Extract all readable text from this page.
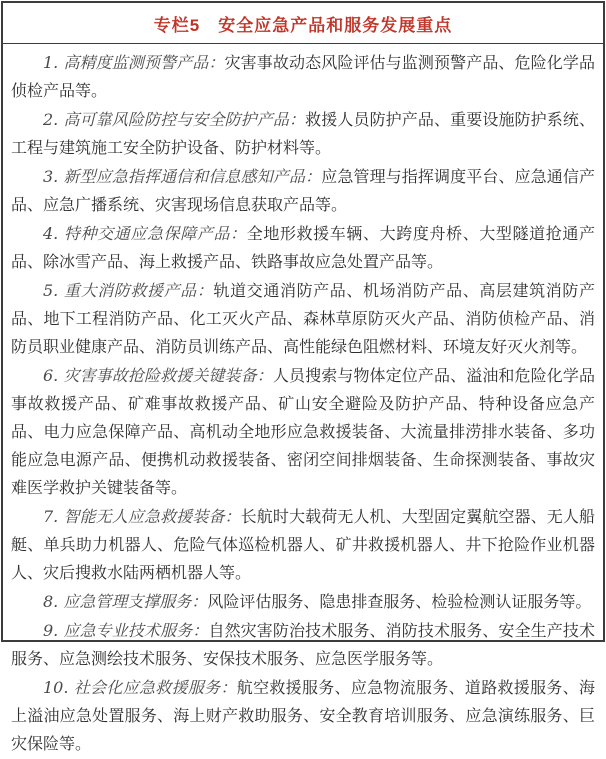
专栏5　安全应急产品和服务发展重点

1. 高精度监测预警产品：灾害事故动态风险评估与监测预警产品、危险化学品侦检产品等。

2. 高可靠风险防控与安全防护产品：救援人员防护产品、重要设施防护系统、工程与建筑施工安全防护设备、防护材料等。

3. 新型应急指挥通信和信息感知产品：应急管理与指挥调度平台、应急通信产品、应急广播系统、灾害现场信息获取产品等。

4. 特种交通应急保障产品：全地形救援车辆、大跨度舟桥、大型隧道抢通产品、除冰雪产品、海上救援产品、铁路事故应急处置产品等。

5. 重大消防救援产品：轨道交通消防产品、机场消防产品、高层建筑消防产品、地下工程消防产品、化工灭火产品、森林草原防灭火产品、消防侦检产品、消防员职业健康产品、消防员训练产品、高性能绿色阻燃材料、环境友好灭火剂等。

6. 灾害事故抢险救援关键装备：人员搜索与物体定位产品、溢油和危险化学品事故救援产品、矿难事故救援产品、矿山安全避险及防护产品、特种设备应急产品、电力应急保障产品、高机动全地形应急救援装备、大流量排涝排水装备、多功能应急电源产品、便携机动救援装备、密闭空间排烟装备、生命探测装备、事故灾难医学救护关键装备等。

7. 智能无人应急救援装备：长航时大载荷无人机、大型固定翼航空器、无人船艇、单兵助力机器人、危险气体巡检机器人、矿井救援机器人、井下抢险作业机器人、灾后搜救水陆两栖机器人等。

8. 应急管理支撑服务：风险评估服务、隐患排查服务、检验检测认证服务等。

9. 应急专业技术服务：自然灾害防治技术服务、消防技术服务、安全生产技术服务、应急测绘技术服务、安保技术服务、应急医学服务等。

10. 社会化应急救援服务：航空救援服务、应急物流服务、道路救援服务、海上溢油应急处置服务、海上财产救助服务、安全教育培训服务、应急演练服务、巨灾保险等。
